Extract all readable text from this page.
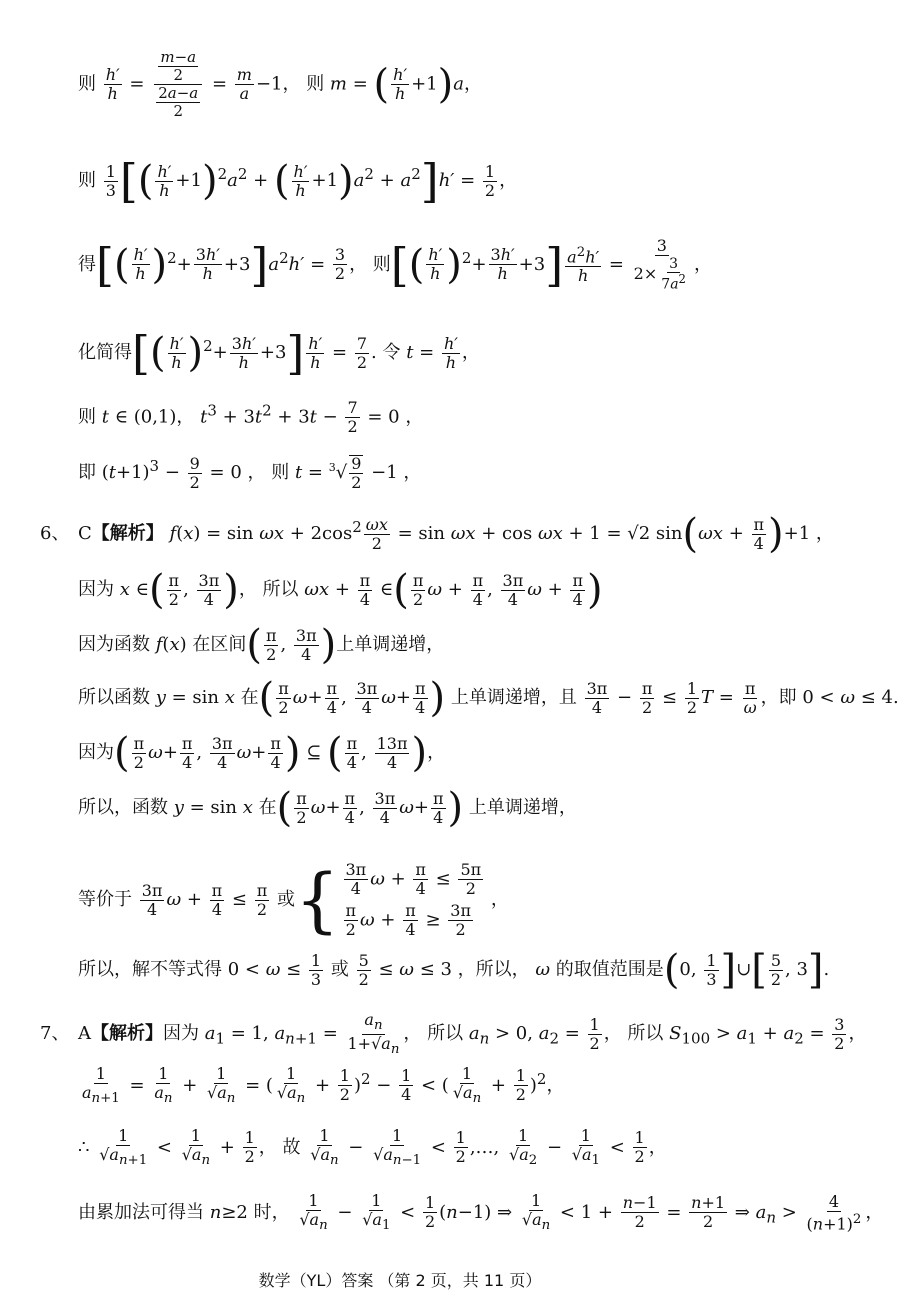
则 $\frac{h'}{h} = \frac{\frac{m-a}{2}}{\frac{2a-a}{2}} = \frac{m}{a} -1$， 则 m = ( $\frac{h'}{h} +1)a$，
则 $\frac{1}{3}$ [( $\frac{h'}{h} +1)^2a^2$ + ( $\frac{h'}{h} +1)a^2 + a^2]h' = \frac{1}{2}$ ，
得[( $\frac{h'}{h} )^2+ \frac{3h'}{h} +3]a^2h' = \frac{3}{2}$ ， 则[( $\frac{h'}{h} )^2+ \frac{3h'}{h} +3] \frac{a^2h'}{h} = \frac{3}{2\times \frac{3}{7a^2}}$ ，
化简得[( $\frac{h'}{h} )^2+ \frac{3h'}{h} +3] \frac{h'}{h} = \frac{7}{2}$ . 令 $t = \frac{h'}{h}$ ，
则 t ∈ (0,1)， $t^3 + 3t^2 + 3t - \frac{7}{2} = 0$ ，
即 $(t+1)^3 - \frac{9}{2} = 0$ ， 则 $t = ^3√ \frac{9}{2} -1$ ，
6、 C【解析】 $f(x) = \sin \omega x + 2\cos^2 \frac{\omega x}{2} = \sin \omega x + \cos \omega x + 1 = √2$ $\sin(\omega x + \frac{\pi}{4} )+1$ ，
因为 x ∈( $\frac{\pi}{2}$ , $\frac{3\pi}{4}$ )， 所以 $\omega x + \frac{\pi}{4}$ ∈( $\frac{\pi}{2}$ $\omega + \frac{\pi}{4}$ , $\frac{3\pi}{4}$ $\omega + \frac{\pi}{4}$ )
因为函数 f(x) 在区间( $\frac{\pi}{2}$ , $\frac{3\pi}{4}$ )上单调递增，
所以函数 y = sin x 在( $\frac{\pi}{2} \omega+ \frac{\pi}{4}$ , $\frac{3\pi}{4} \omega+ \frac{\pi}{4}$ ) 上单调递增，且 $\frac{3\pi}{4} - \frac{\pi}{2} \le \frac{1}{2}$ $T = \frac{\pi}{\omega}$ ，即 0 < ω ≤ 4.
因为( $\frac{\pi}{2} \omega+ \frac{\pi}{4}$ , $\frac{3\pi}{4} \omega+ \frac{\pi}{4}$ ) ⊆ ( $\frac{\pi}{4}$ , $\frac{13\pi}{4}$ )，
所以，函数 y = sin x 在( $\frac{\pi}{2} \omega+ \frac{\pi}{4}$ , $\frac{3\pi}{4} \omega+ \frac{\pi}{4}$ ) 上单调递增，
等价于 $\frac{3\pi}{4}$ $\omega + \frac{\pi}{4} \le \frac{\pi}{2}$ 或{ $\frac{3\pi}{4}$ $\omega + \frac{\pi}{4} \le \frac{5\pi}{2}$
$\frac{\pi}{2}$ $\omega + \frac{\pi}{4} \ge \frac{3\pi}{2}$
，
所以，解不等式得 $0 < \omega \le \frac{1}{3}$ 或 $\frac{5}{2} \le \omega \le 3$ ，所以， ω 的取值范围是(0, $\frac{1}{3}$ ]∪[ $\frac{5}{2}$ , 3].
7、 A【解析】因为 $a_1 = 1$, $a_{n+1} = \frac{a_n}{1+√a_n}$ ， 所以 $a_n > 0$, $a_2 = \frac{1}{2}$ ， 所以 $S_{100} > a_1 + a_2 = \frac{3}{2}$ ，
$\frac{1}{a_{n+1}} = \frac{1}{a_n} + \frac{1}{√a_n}$ = ( $\frac{1}{√a_n} + \frac{1}{2} )^2 - \frac{1}{4}$ < ( $\frac{1}{√a_n} + \frac{1}{2} )^2$，
∴ $\frac{1}{√a_{n+1}} < \frac{1}{√a_n} + \frac{1}{2}$ ， 故 $\frac{1}{√a_n} - \frac{1}{√a_{n-1}} < \frac{1}{2}$ ,…, $\frac{1}{√a_2} - \frac{1}{√a_1} < \frac{1}{2}$ ，
由累加法可得当 n≥2 时， $\frac{1}{√a_n} - \frac{1}{√a_1} < \frac{1}{2} (n-1)$ ⇒ $\frac{1}{√a_n} < 1 + \frac{n-1}{2} = \frac{n+1}{2}$ ⇒ $a_n > \frac{4}{(n+1)^2}$ ，
数学（YL）答案 （第 2 页，共 11 页）
